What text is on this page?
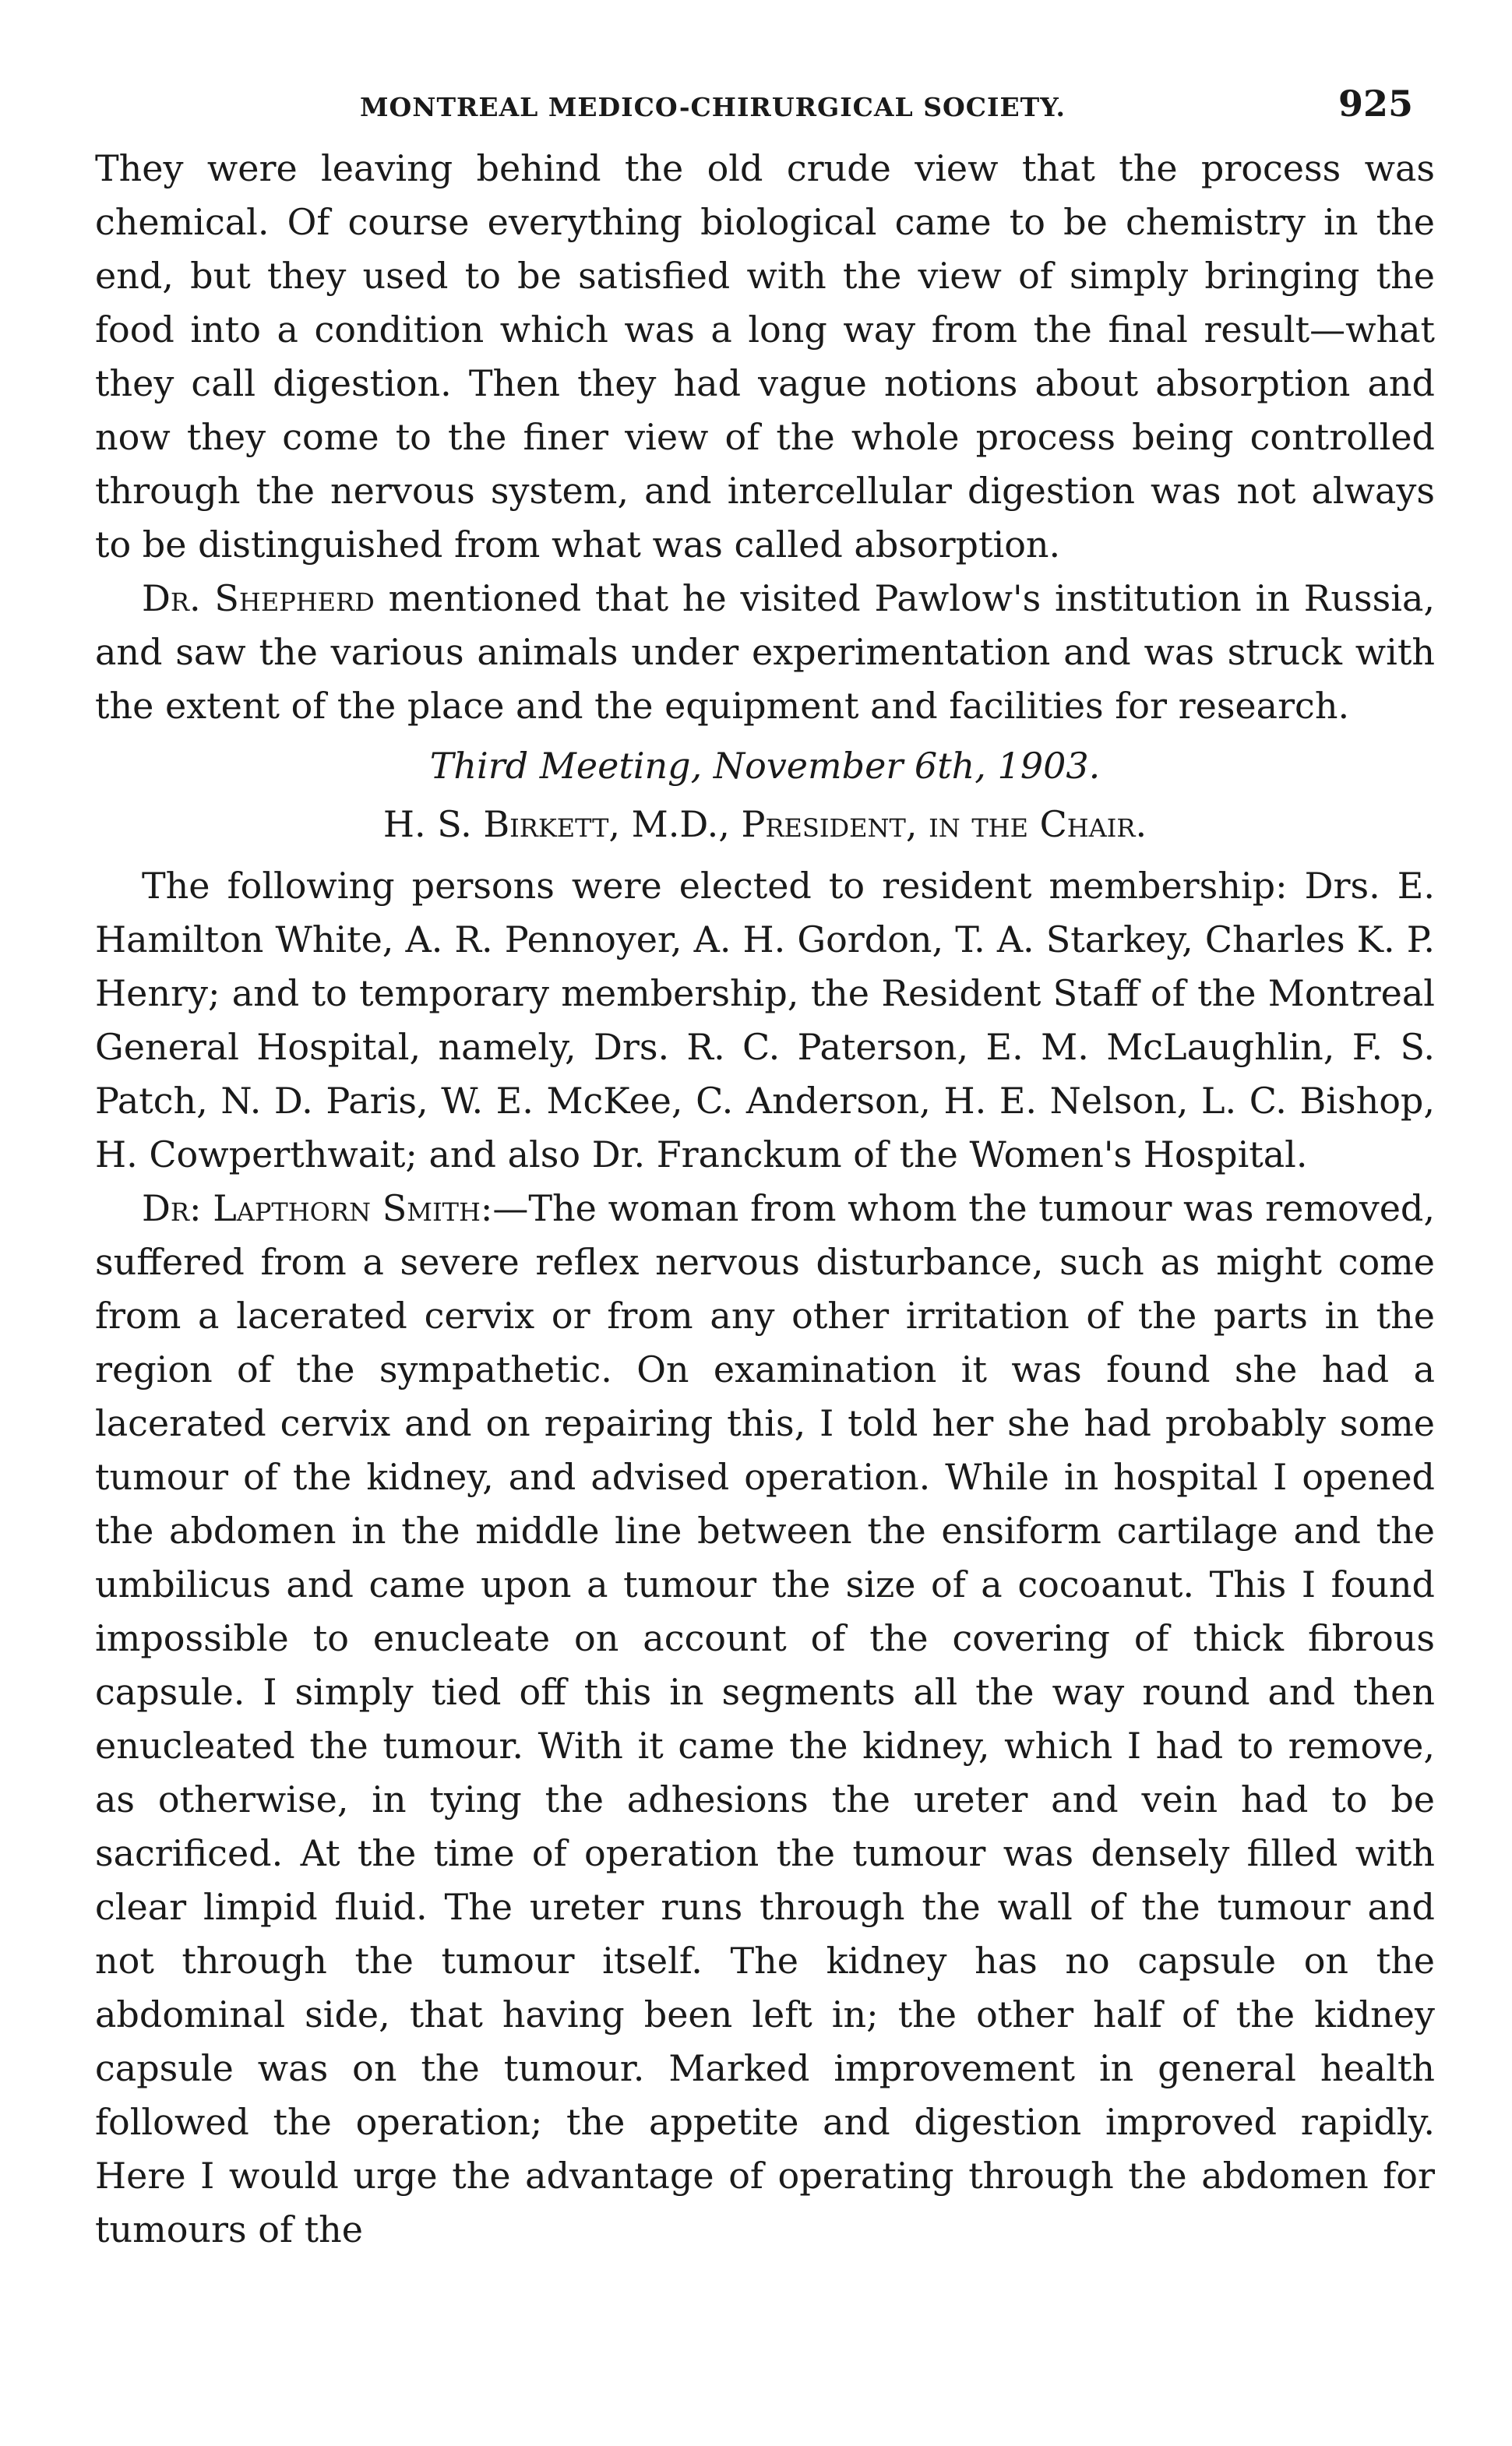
MONTREAL MEDICO-CHIRURGICAL SOCIETY.	925

They were leaving behind the old crude view that the process was chemical. Of course everything biological came to be chemistry in the end, but they used to be satisfied with the view of simply bringing the food into a condition which was a long way from the final result—what they call digestion. Then they had vague notions about absorption and now they come to the finer view of the whole process being controlled through the nervous system, and intercellular digestion was not always to be distinguished from what was called absorption.

Dr. Shepherd mentioned that he visited Pawlow's institution in Russia, and saw the various animals under experimentation and was struck with the extent of the place and the equipment and facilities for research.

Third Meeting, November 6th, 1903.

H. S. Birkett, M.D., President, in the Chair.

The following persons were elected to resident membership: Drs. E. Hamilton White, A. R. Pennoyer, A. H. Gordon, T. A. Starkey, Charles K. P. Henry; and to temporary membership, the Resident Staff of the Montreal General Hospital, namely, Drs. R. C. Paterson, E. M. McLaughlin, F. S. Patch, N. D. Paris, W. E. McKee, C. Anderson, H. E. Nelson, L. C. Bishop, H. Cowperthwait; and also Dr. Franckum of the Women's Hospital.

Dr: Lapthorn Smith:—The woman from whom the tumour was removed, suffered from a severe reflex nervous disturbance, such as might come from a lacerated cervix or from any other irritation of the parts in the region of the sympathetic. On examination it was found she had a lacerated cervix and on repairing this, I told her she had probably some tumour of the kidney, and advised operation. While in hospital I opened the abdomen in the middle line between the ensiform cartilage and the umbilicus and came upon a tumour the size of a cocoanut. This I found impossible to enucleate on account of the covering of thick fibrous capsule. I simply tied off this in segments all the way round and then enucleated the tumour. With it came the kidney, which I had to remove, as otherwise, in tying the adhesions the ureter and vein had to be sacrificed. At the time of operation the tumour was densely filled with clear limpid fluid. The ureter runs through the wall of the tumour and not through the tumour itself. The kidney has no capsule on the abdominal side, that having been left in; the other half of the kidney capsule was on the tumour. Marked improvement in general health followed the operation; the appetite and digestion improved rapidly. Here I would urge the advantage of operating through the abdomen for tumours of the
